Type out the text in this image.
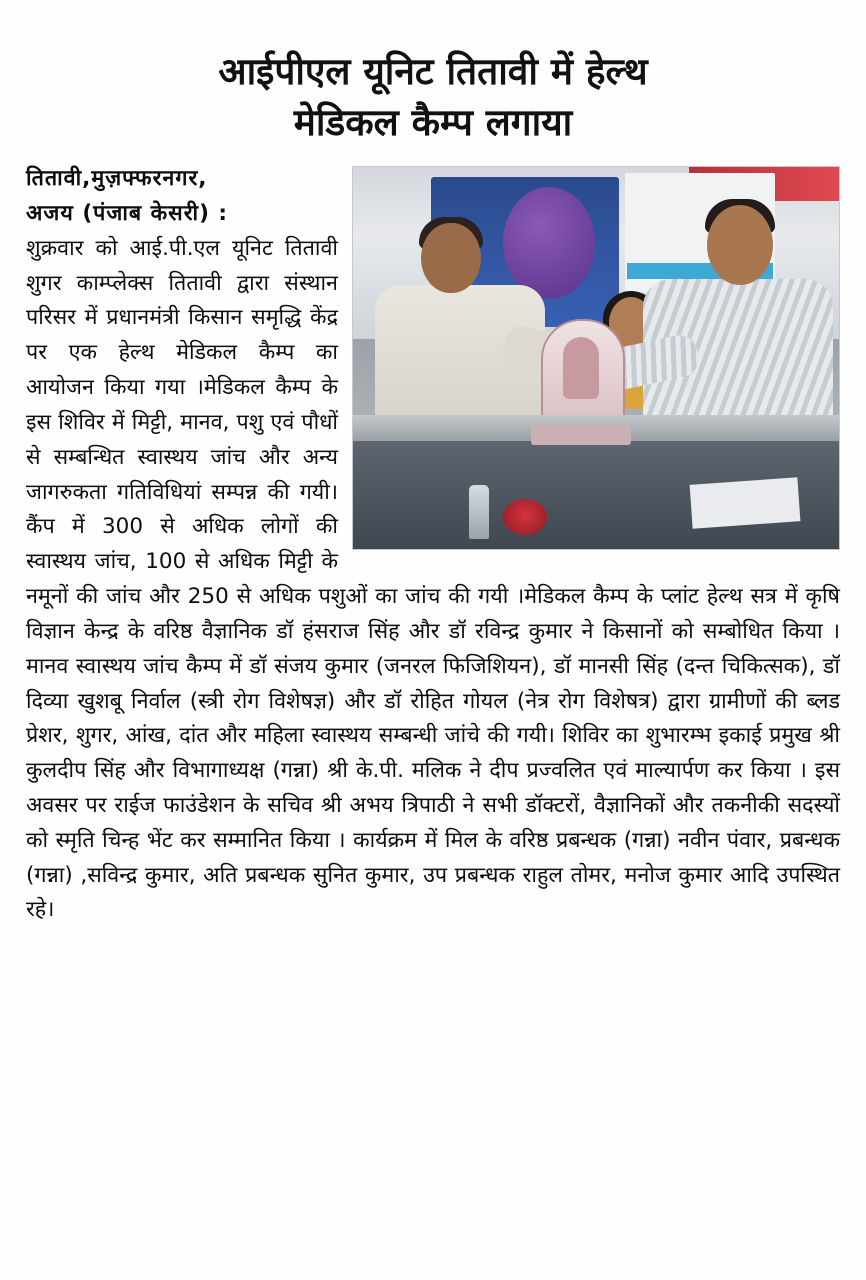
आईपीएल यूनिट तितावी में हेल्थ
मेडिकल कैम्प लगाया

तितावी,मुज़फ्फरनगर,
अजय (पंजाब केसरी) :
शुक्रवार को आई.पी.एल यूनिट तितावी शुगर काम्प्लेक्स तितावी द्वारा संस्थान परिसर में प्रधानमंत्री किसान समृद्धि केंद्र पर एक हेल्थ मेडिकल कैम्प का आयोजन किया गया ।मेडिकल कैम्प के इस शिविर में मिट्टी, मानव, पशु एवं पौधों से सम्बन्धित स्वास्थय जांच और अन्य जागरुकता गतिविधियां सम्पन्न की गयी। कैंप में 300 से अधिक लोगों की स्वास्थय जांच, 100 से अधिक मिट्टी के नमूनों की जांच और 250 से अधिक पशुओं का जांच की गयी ।मेडिकल कैम्प के प्लांट हेल्थ सत्र में कृषि विज्ञान केन्द्र के वरिष्ठ वैज्ञानिक डॉ हंसराज सिंह और डॉ रविन्द्र कुमार ने किसानों को सम्बोधित किया । मानव स्वास्थय जांच कैम्प में डॉ संजय कुमार (जनरल फिजिशियन), डॉ मानसी सिंह (दन्त चिकित्सक), डॉ दिव्या खुशबू निर्वाल (स्त्री रोग विशेषज्ञ) और डॉ रोहित गोयल (नेत्र रोग विशेषत्र) द्वारा ग्रामीणों की ब्लड प्रेशर, शुगर, आंख, दांत और महिला स्वास्थय सम्बन्धी जांचे की गयी। शिविर का शुभारम्भ इकाई प्रमुख श्री कुलदीप सिंह और विभागाध्यक्ष (गन्ना) श्री के.पी. मलिक ने दीप प्रज्वलित एवं माल्यार्पण कर किया । इस अवसर पर राईज फाउंडेशन के सचिव श्री अभय त्रिपाठी ने सभी डॉक्टरों, वैज्ञानिकों और तकनीकी सदस्यों को स्मृति चिन्ह भेंट कर सम्मानित किया । कार्यक्रम में मिल के वरिष्ठ प्रबन्धक (गन्ना) नवीन पंवार, प्रबन्धक (गन्ना) ,सविन्द्र कुमार, अति प्रबन्धक सुनित कुमार, उप प्रबन्धक राहुल तोमर, मनोज कुमार आदि उपस्थित रहे।
